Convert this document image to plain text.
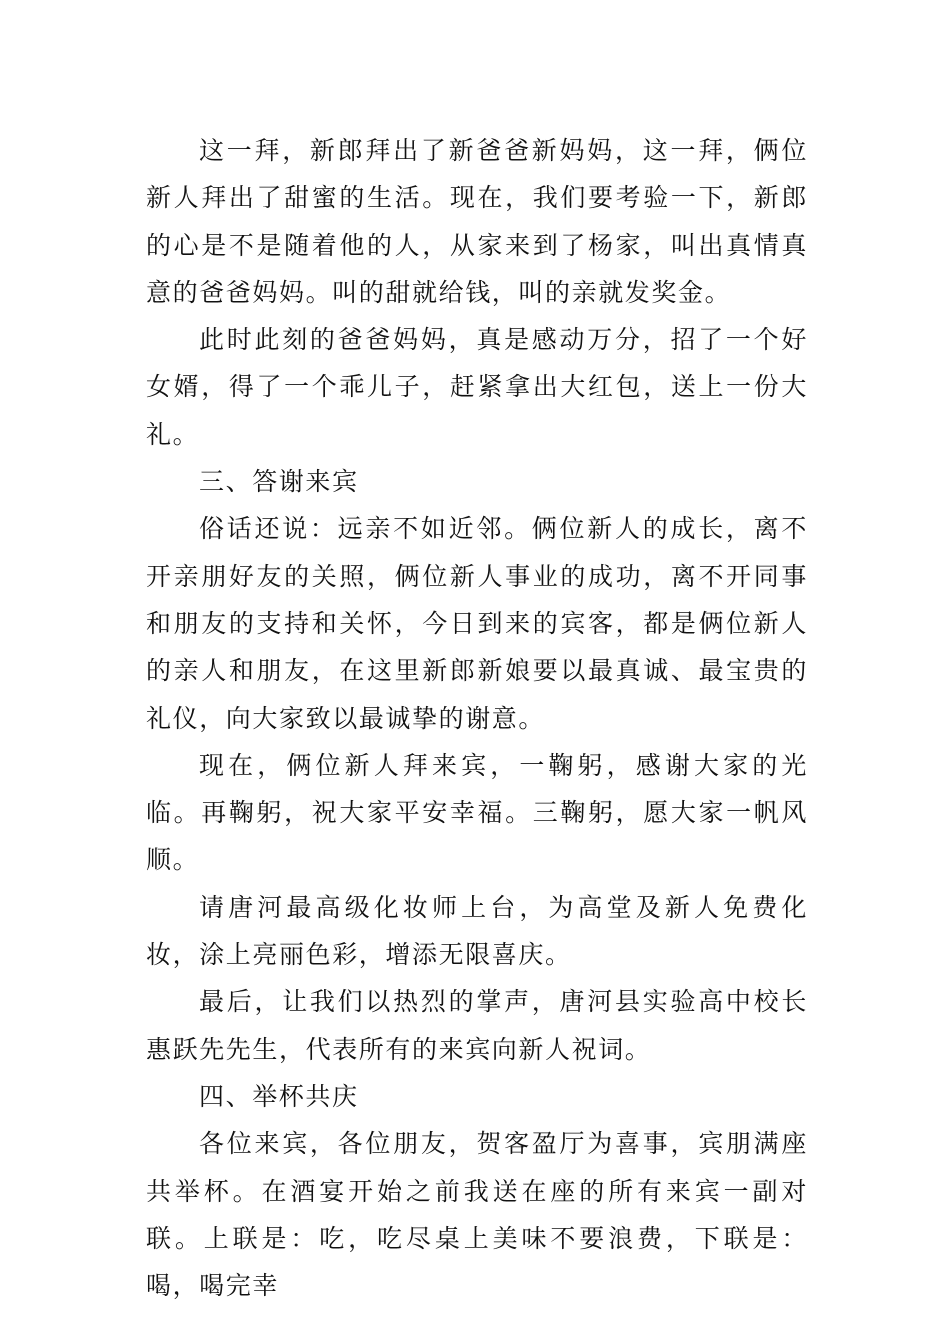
这一拜，新郎拜出了新爸爸新妈妈，这一拜，俩位新人拜出了甜蜜的生活。现在，我们要考验一下，新郎的心是不是随着他的人，从家来到了杨家，叫出真情真意的爸爸妈妈。叫的甜就给钱，叫的亲就发奖金。

此时此刻的爸爸妈妈，真是感动万分，招了一个好女婿，得了一个乖儿子，赶紧拿出大红包，送上一份大礼。

三、答谢来宾

俗话还说：远亲不如近邻。俩位新人的成长，离不开亲朋好友的关照，俩位新人事业的成功，离不开同事和朋友的支持和关怀，今日到来的宾客，都是俩位新人的亲人和朋友，在这里新郎新娘要以最真诚、最宝贵的礼仪，向大家致以最诚挚的谢意。

现在，俩位新人拜来宾，一鞠躬，感谢大家的光临。再鞠躬，祝大家平安幸福。三鞠躬，愿大家一帆风顺。

请唐河最高级化妆师上台，为高堂及新人免费化妆，涂上亮丽色彩，增添无限喜庆。

最后，让我们以热烈的掌声，唐河县实验高中校长惠跃先先生，代表所有的来宾向新人祝词。

四、举杯共庆

各位来宾，各位朋友，贺客盈厅为喜事，宾朋满座共举杯。在酒宴开始之前我送在座的所有来宾一副对联。上联是：吃，吃尽桌上美味不要浪费，下联是：喝，喝完幸
